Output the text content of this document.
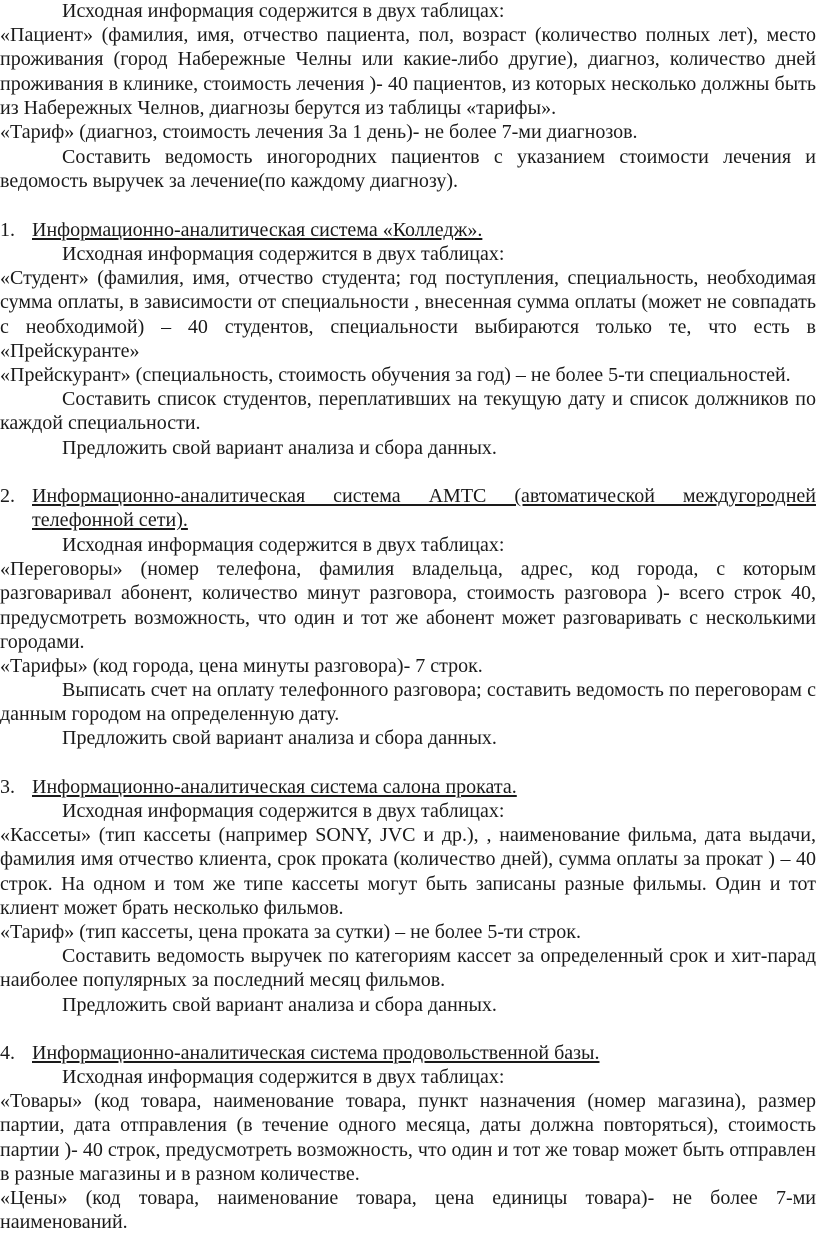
Исходная информация содержится в двух таблицах:
«Пациент» (фамилия, имя, отчество пациента, пол, возраст (количество полных лет), место проживания (город Набережные Челны или какие-либо другие), диагноз, количество дней проживания в клинике, стоимость лечения )- 40 пациентов, из которых несколько должны быть из Набережных Челнов, диагнозы берутся из таблицы «тарифы».
«Тариф» (диагноз, стоимость лечения За 1 день)- не более 7-ми диагнозов.
Составить ведомость иногородних пациентов с указанием стоимости лечения и ведомость выручек за лечение(по каждому диагнозу).
1. Информационно-аналитическая система «Колледж».
Исходная информация содержится в двух таблицах:
«Студент» (фамилия, имя, отчество студента; год поступления, специальность, необходимая сумма оплаты, в зависимости от специальности , внесенная сумма оплаты (может не совпадать с необходимой) – 40 студентов, специальности выбираются только те, что есть в «Прейскуранте»
«Прейскурант» (специальность, стоимость обучения за год) – не более 5-ти специальностей.
Составить список студентов, переплативших на текущую дату и список должников по каждой специальности.
Предложить свой вариант анализа и сбора данных.
2. Информационно-аналитическая система АМТС (автоматической междугородней телефонной сети).
Исходная информация содержится в двух таблицах:
«Переговоры» (номер телефона, фамилия владельца, адрес, код города, с которым разговаривал абонент, количество минут разговора, стоимость разговора )- всего строк 40, предусмотреть возможность, что один и тот же абонент может разговаривать с несколькими городами.
«Тарифы» (код города, цена минуты разговора)- 7 строк.
Выписать счет на оплату телефонного разговора; составить ведомость по переговорам с данным городом на определенную дату.
Предложить свой вариант анализа и сбора данных.
3. Информационно-аналитическая система салона проката.
Исходная информация содержится в двух таблицах:
«Кассеты» (тип кассеты (например SONY, JVC и др.), , наименование фильма, дата выдачи, фамилия имя отчество клиента, срок проката (количество дней), сумма оплаты за прокат ) – 40 строк. На одном и том же типе кассеты могут быть записаны разные фильмы. Один и тот клиент может брать несколько фильмов.
«Тариф» (тип кассеты, цена проката за сутки) – не более 5-ти строк.
Составить ведомость выручек по категориям кассет за определенный срок и хит-парад наиболее популярных за последний месяц фильмов.
Предложить свой вариант анализа и сбора данных.
4. Информационно-аналитическая система продовольственной базы.
Исходная информация содержится в двух таблицах:
«Товары» (код товара, наименование товара, пункт назначения (номер магазина), размер партии, дата отправления (в течение одного месяца, даты должна повторяться), стоимость партии )- 40 строк, предусмотреть возможность, что один и тот же товар может быть отправлен в разные магазины и в разном количестве.
«Цены» (код товара, наименование товара, цена единицы товара)- не более 7-ми наименований.
